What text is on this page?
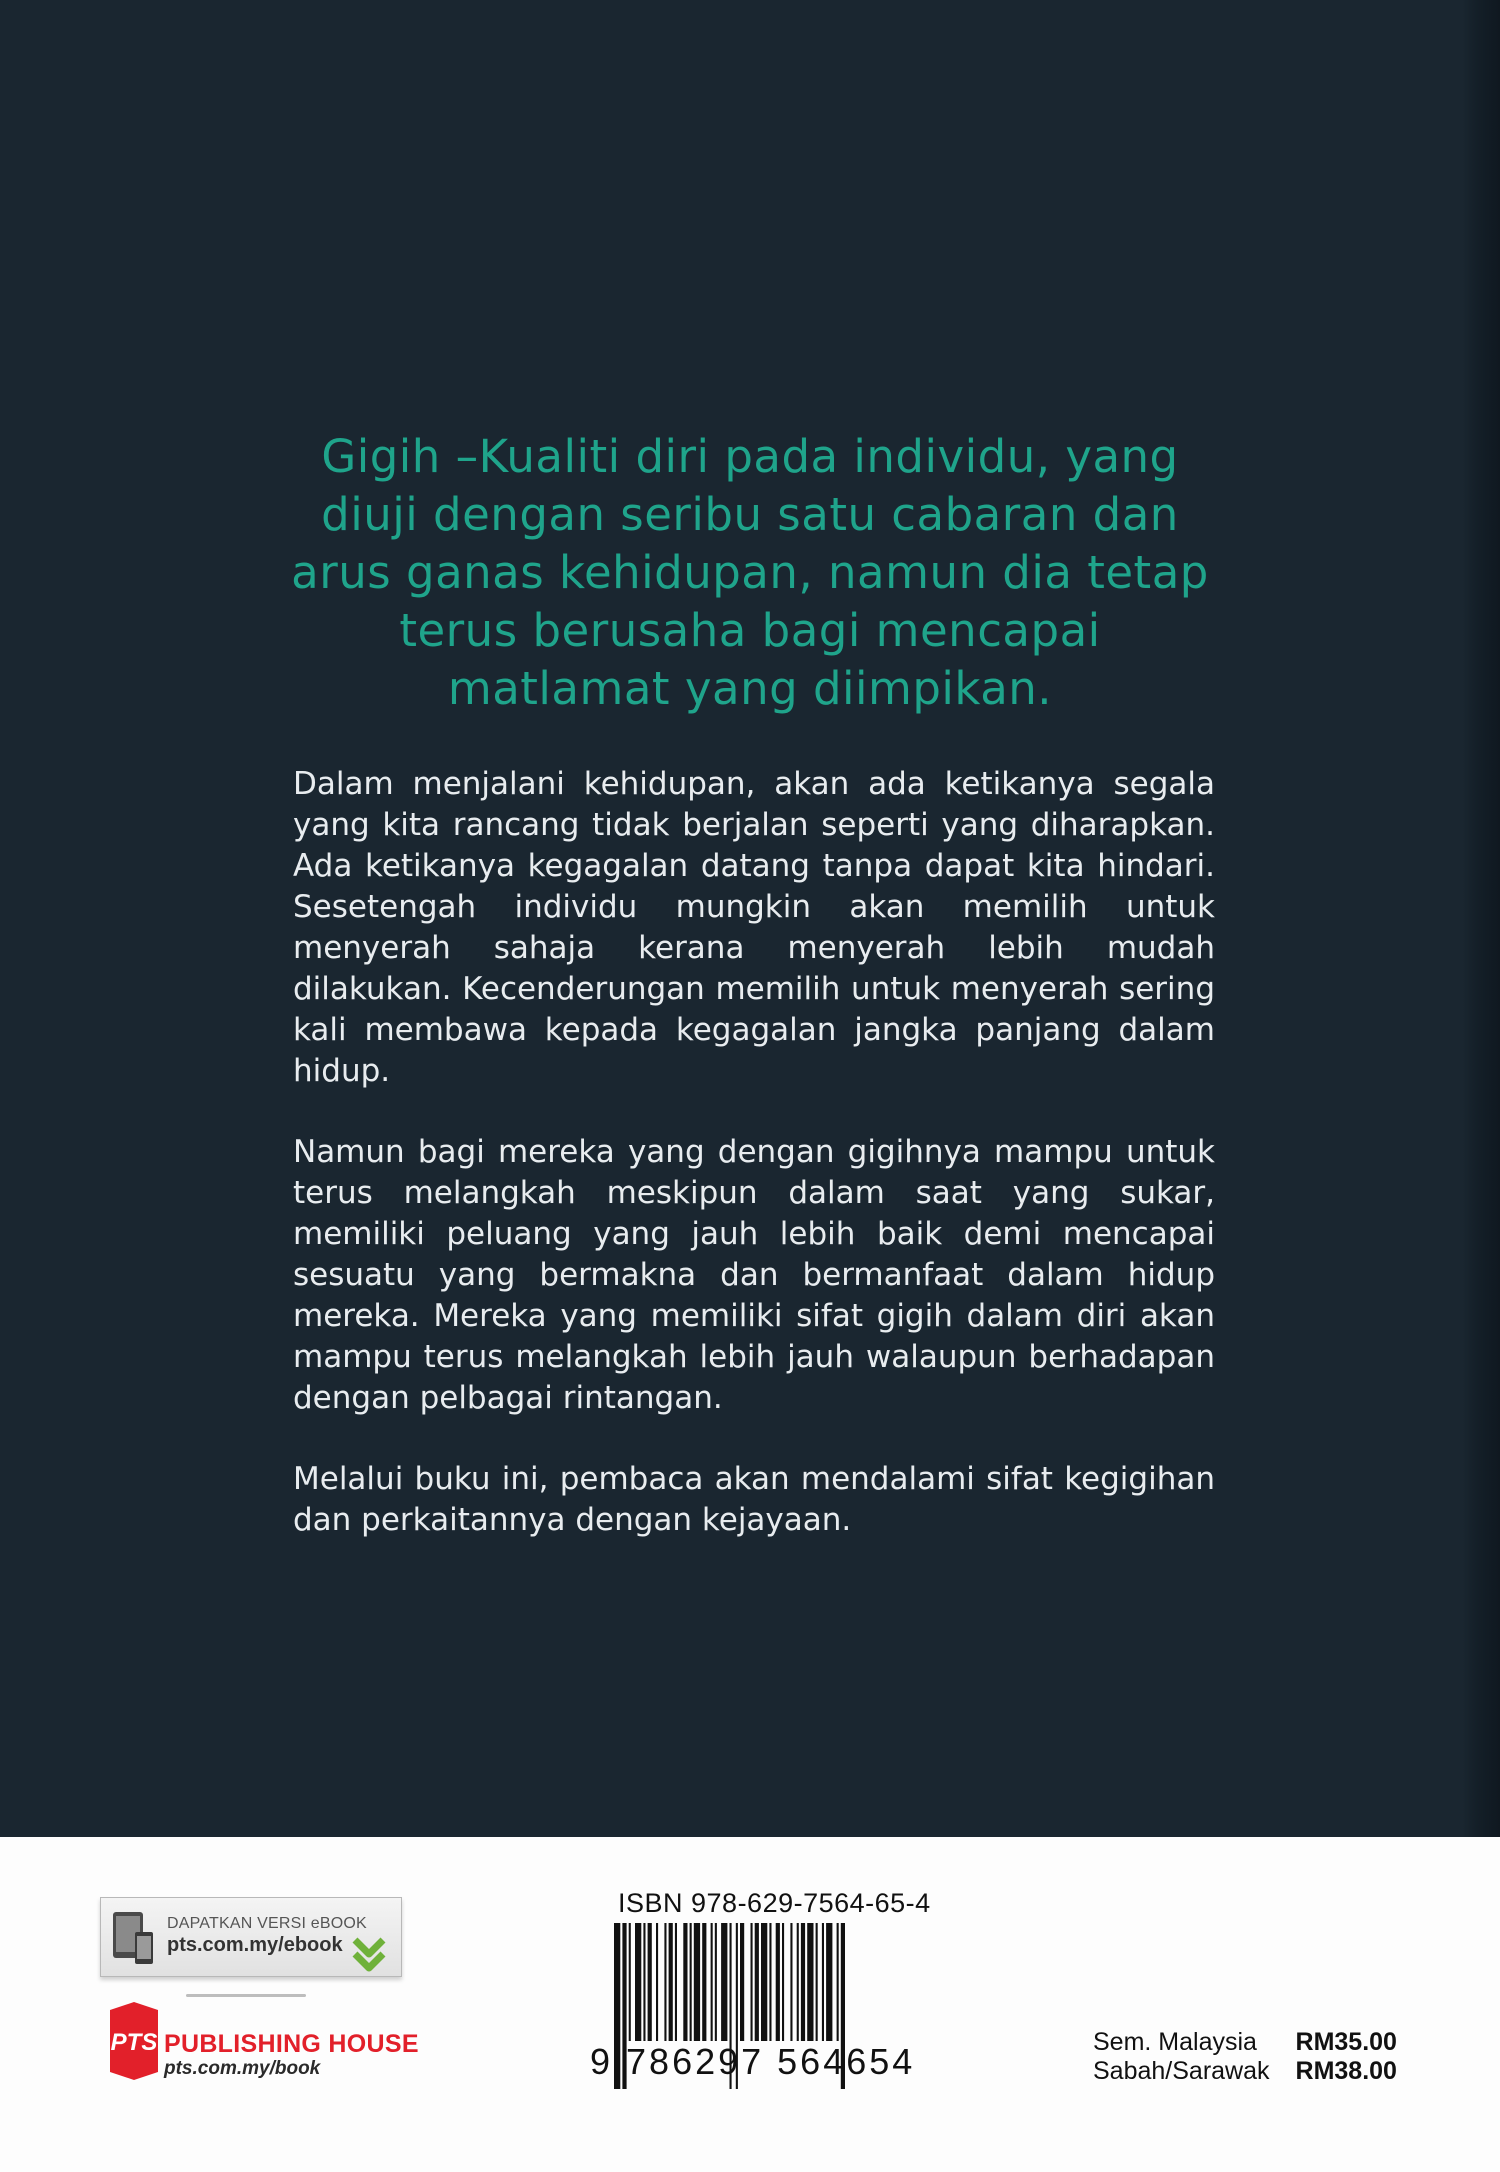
Gigih –Kualiti diri pada individu, yang diuji dengan seribu satu cabaran dan arus ganas kehidupan, namun dia tetap terus berusaha bagi mencapai matlamat yang diimpikan.

Dalam menjalani kehidupan, akan ada ketikanya segala yang kita rancang tidak berjalan seperti yang diharapkan. Ada ketikanya kegagalan datang tanpa dapat kita hindari. Sesetengah individu mungkin akan memilih untuk menyerah sahaja kerana menyerah lebih mudah dilakukan. Kecenderungan memilih untuk menyerah sering kali membawa kepada kegagalan jangka panjang dalam hidup.

Namun bagi mereka yang dengan gigihnya mampu untuk terus melangkah meskipun dalam saat yang sukar, memiliki peluang yang jauh lebih baik demi mencapai sesuatu yang bermakna dan bermanfaat dalam hidup mereka. Mereka yang memiliki sifat gigih dalam diri akan mampu terus melangkah lebih jauh walaupun berhadapan dengan pelbagai rintangan.

Melalui buku ini, pembaca akan mendalami sifat kegigihan dan perkaitannya dengan kejayaan.

DAPATKAN VERSI eBOOK
pts.com.my/ebook
PTS PUBLISHING HOUSE
pts.com.my/book
ISBN 978-629-7564-65-4
9 786297 564654	Sem. Malaysia	RM35.00
Sabah/Sarawak	RM38.00
